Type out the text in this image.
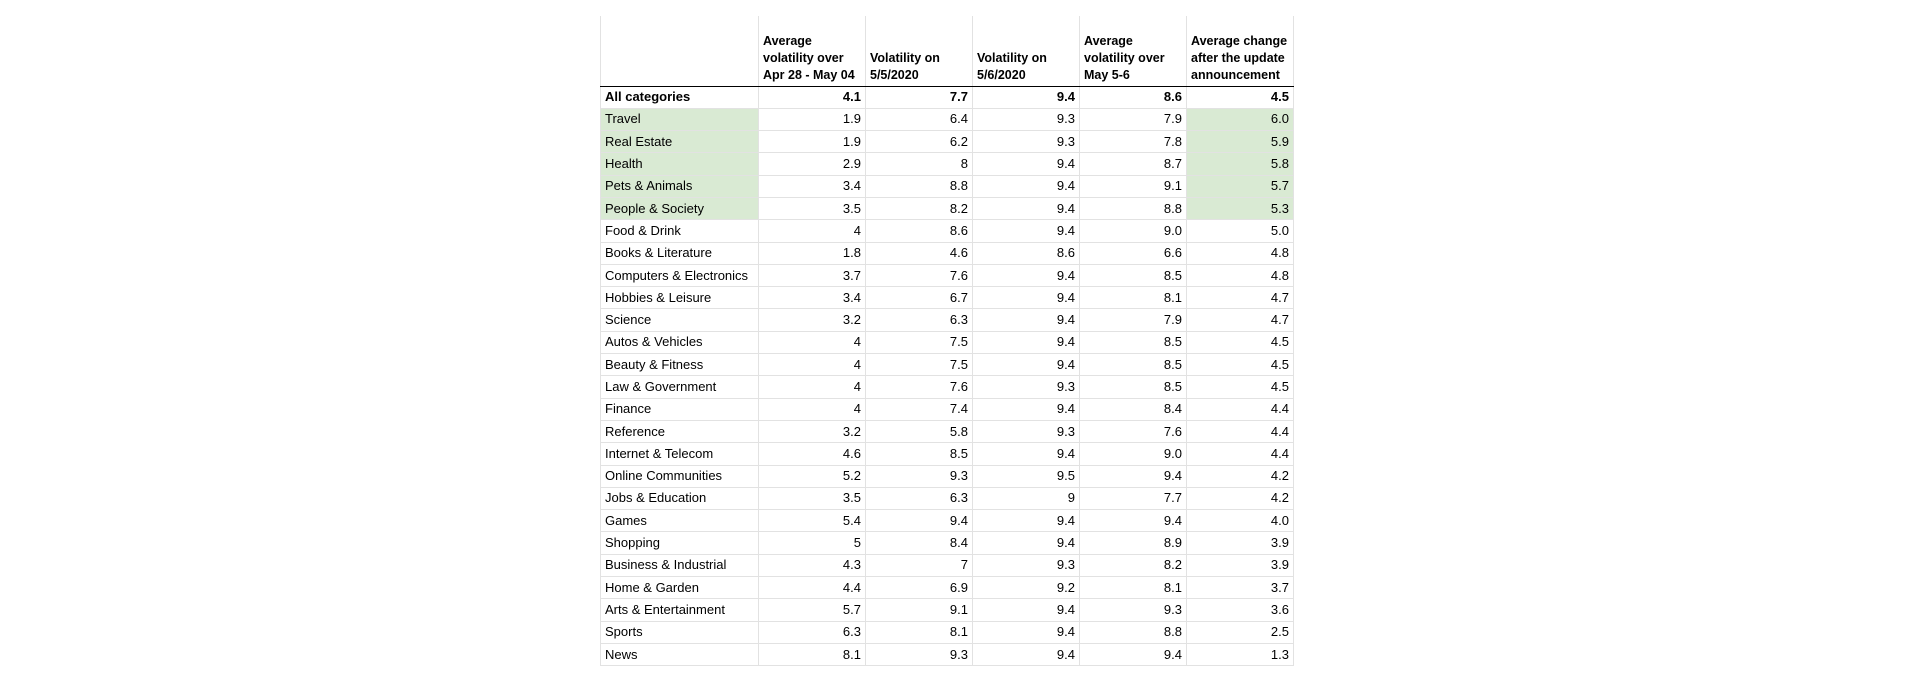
	Average volatility over Apr 28 - May 04	Volatility on 5/5/2020	Volatility on 5/6/2020	Average volatility over May 5-6	Average change after the update announcement
All categories	4.1	7.7	9.4	8.6	4.5
Travel	1.9	6.4	9.3	7.9	6.0
Real Estate	1.9	6.2	9.3	7.8	5.9
Health	2.9	8	9.4	8.7	5.8
Pets & Animals	3.4	8.8	9.4	9.1	5.7
People & Society	3.5	8.2	9.4	8.8	5.3
Food & Drink	4	8.6	9.4	9.0	5.0
Books & Literature	1.8	4.6	8.6	6.6	4.8
Computers & Electronics	3.7	7.6	9.4	8.5	4.8
Hobbies & Leisure	3.4	6.7	9.4	8.1	4.7
Science	3.2	6.3	9.4	7.9	4.7
Autos & Vehicles	4	7.5	9.4	8.5	4.5
Beauty & Fitness	4	7.5	9.4	8.5	4.5
Law & Government	4	7.6	9.3	8.5	4.5
Finance	4	7.4	9.4	8.4	4.4
Reference	3.2	5.8	9.3	7.6	4.4
Internet & Telecom	4.6	8.5	9.4	9.0	4.4
Online Communities	5.2	9.3	9.5	9.4	4.2
Jobs & Education	3.5	6.3	9	7.7	4.2
Games	5.4	9.4	9.4	9.4	4.0
Shopping	5	8.4	9.4	8.9	3.9
Business & Industrial	4.3	7	9.3	8.2	3.9
Home & Garden	4.4	6.9	9.2	8.1	3.7
Arts & Entertainment	5.7	9.1	9.4	9.3	3.6
Sports	6.3	8.1	9.4	8.8	2.5
News	8.1	9.3	9.4	9.4	1.3
